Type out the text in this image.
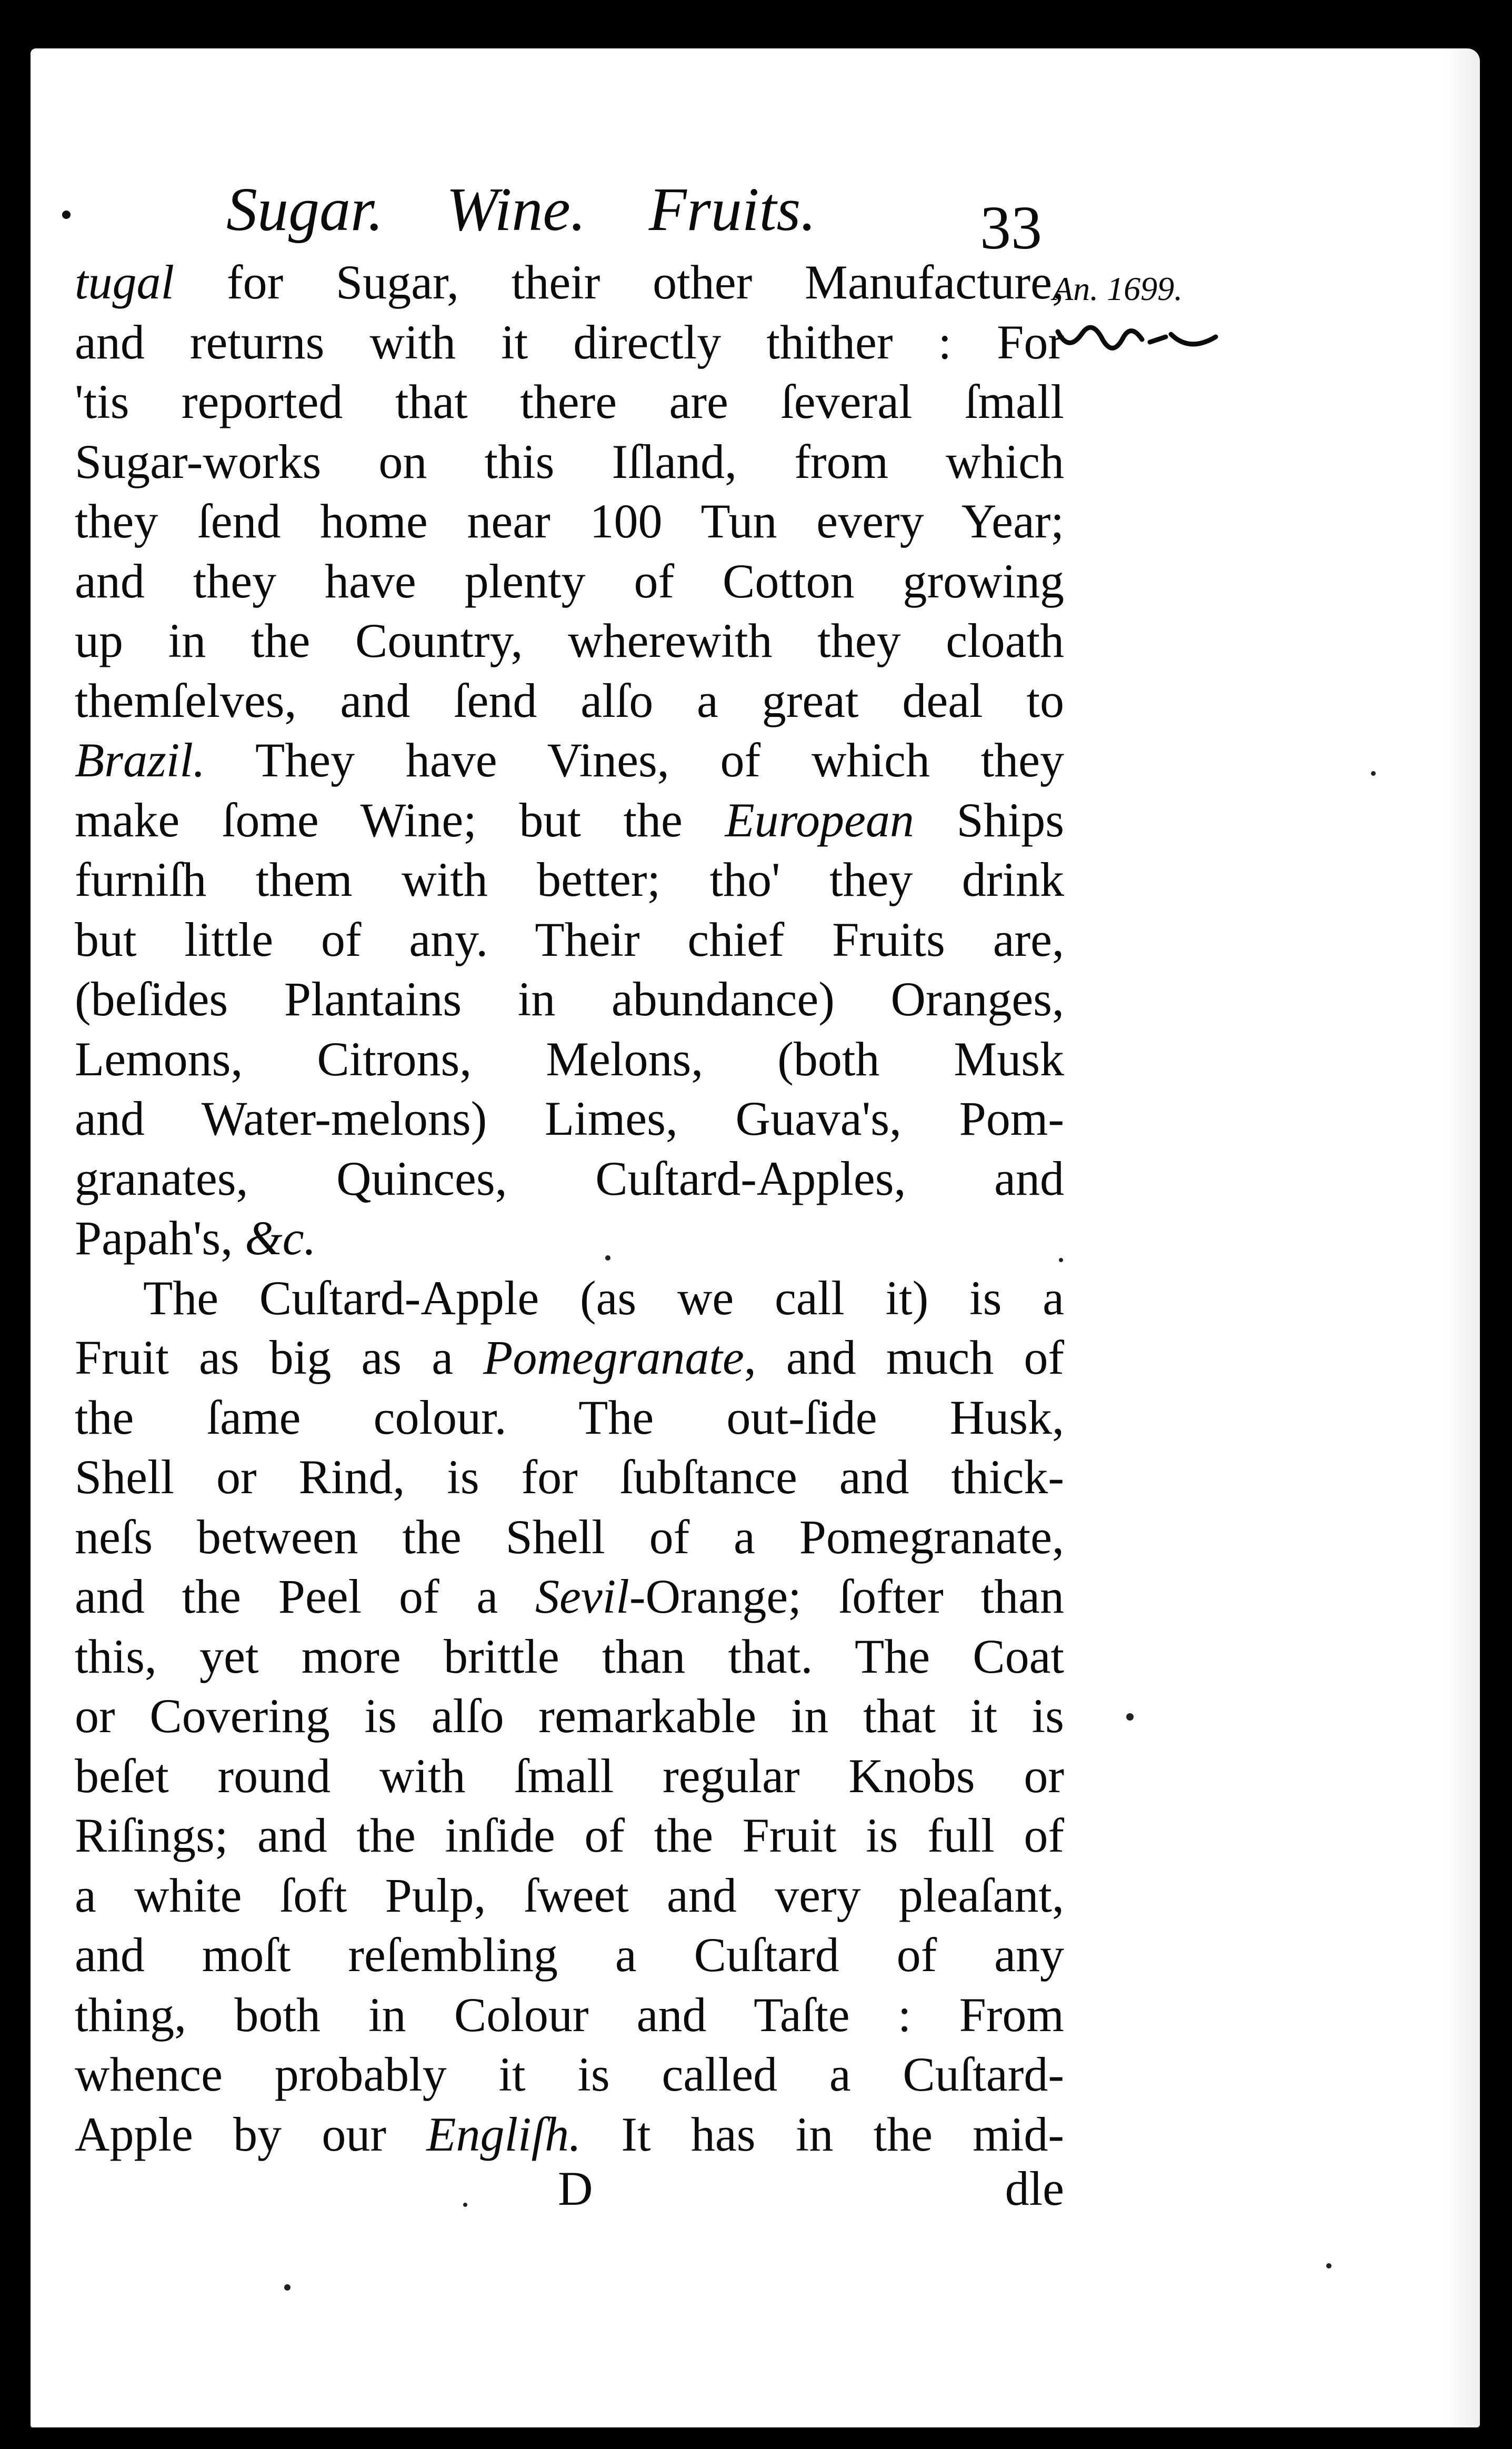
Sugar. Wine. Fruits.	33
An. 1699.
tugal for Sugar, their other Manufacture,
and returns with it directly thither : For
'tis reported that there are ſeveral ſmall
Sugar-works on this Iſland, from which
they ſend home near 100 Tun every Year;
and they have plenty of Cotton growing
up in the Country, wherewith they cloath
themſelves, and ſend alſo a great deal to
Brazil. They have Vines, of which they
make ſome Wine; but the European Ships
furniſh them with better; tho' they drink
but little of any. Their chief Fruits are,
(beſides Plantains in abundance) Oranges,
Lemons, Citrons, Melons, (both Musk
and Water-melons) Limes, Guava's, Pom-
granates, Quinces, Cuſtard-Apples, and
Papah's, &c.
The Cuſtard-Apple (as we call it) is a
Fruit as big as a Pomegranate, and much of
the ſame colour. The out-ſide Husk,
Shell or Rind, is for ſubſtance and thick-
neſs between the Shell of a Pomegranate,
and the Peel of a Sevil-Orange; ſofter than
this, yet more brittle than that. The Coat
or Covering is alſo remarkable in that it is
beſet round with ſmall regular Knobs or
Riſings; and the inſide of the Fruit is full of
a white ſoft Pulp, ſweet and very pleaſant,
and moſt reſembling a Cuſtard of any
thing, both in Colour and Taſte : From
whence probably it is called a Cuſtard-
Apple by our Engliſh. It has in the mid-
D	dle
